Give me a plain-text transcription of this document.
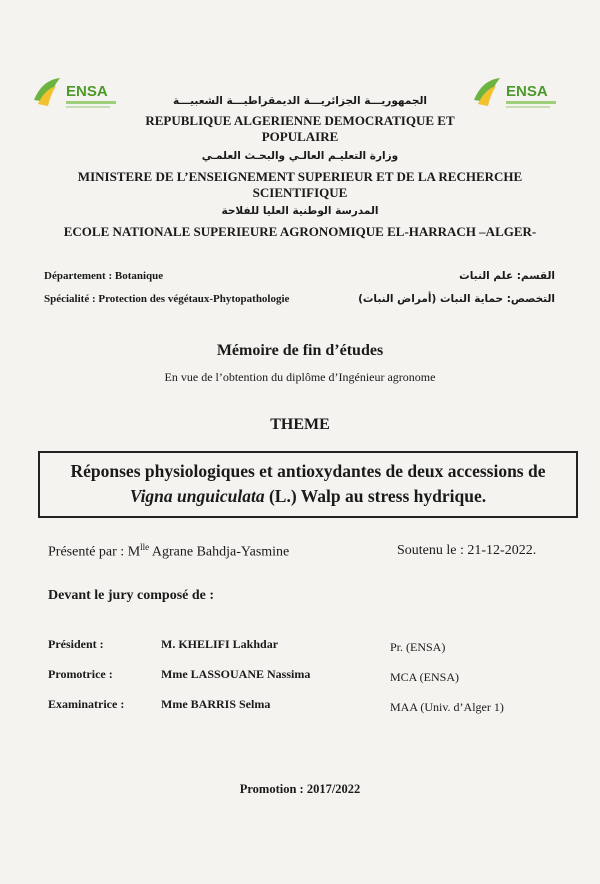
ENSA	ENSA
الجمهوريـــة الجزائريـــة الديمقراطيـــة الشعبيـــة
REPUBLIQUE ALGERIENNE DEMOCRATIQUE ET
POPULAIRE
وزارة التعليـم العالـي والبحـث العلمـي
MINISTERE DE L’ENSEIGNEMENT SUPERIEUR ET DE LA RECHERCHE
SCIENTIFIQUE
المدرسة الوطنية العليا للفلاحة
ECOLE NATIONALE SUPERIEURE AGRONOMIQUE EL-HARRACH –ALGER-
Département : Botanique	القسم: علم النبات
Spécialité : Protection des végétaux-Phytopathologie	التخصص: حماية النبات (أمراض النبات)
Mémoire de fin d’études
En vue de l’obtention du diplôme d’Ingénieur agronome
THEME
Réponses physiologiques et antioxydantes de deux accessions de
Vigna unguiculata (L.) Walp au stress hydrique.
Présenté par : $M^{lle}$ Agrane Bahdja-Yasmine	Soutenu le : 21-12-2022.
Devant le jury composé de :
Président :	M. KHELIFI Lakhdar	Pr. (ENSA)
Promotrice :	Mme LASSOUANE Nassima	MCA (ENSA)
Examinatrice :	Mme BARRIS Selma	MAA (Univ. d’Alger 1)
Promotion : 2017/2022
